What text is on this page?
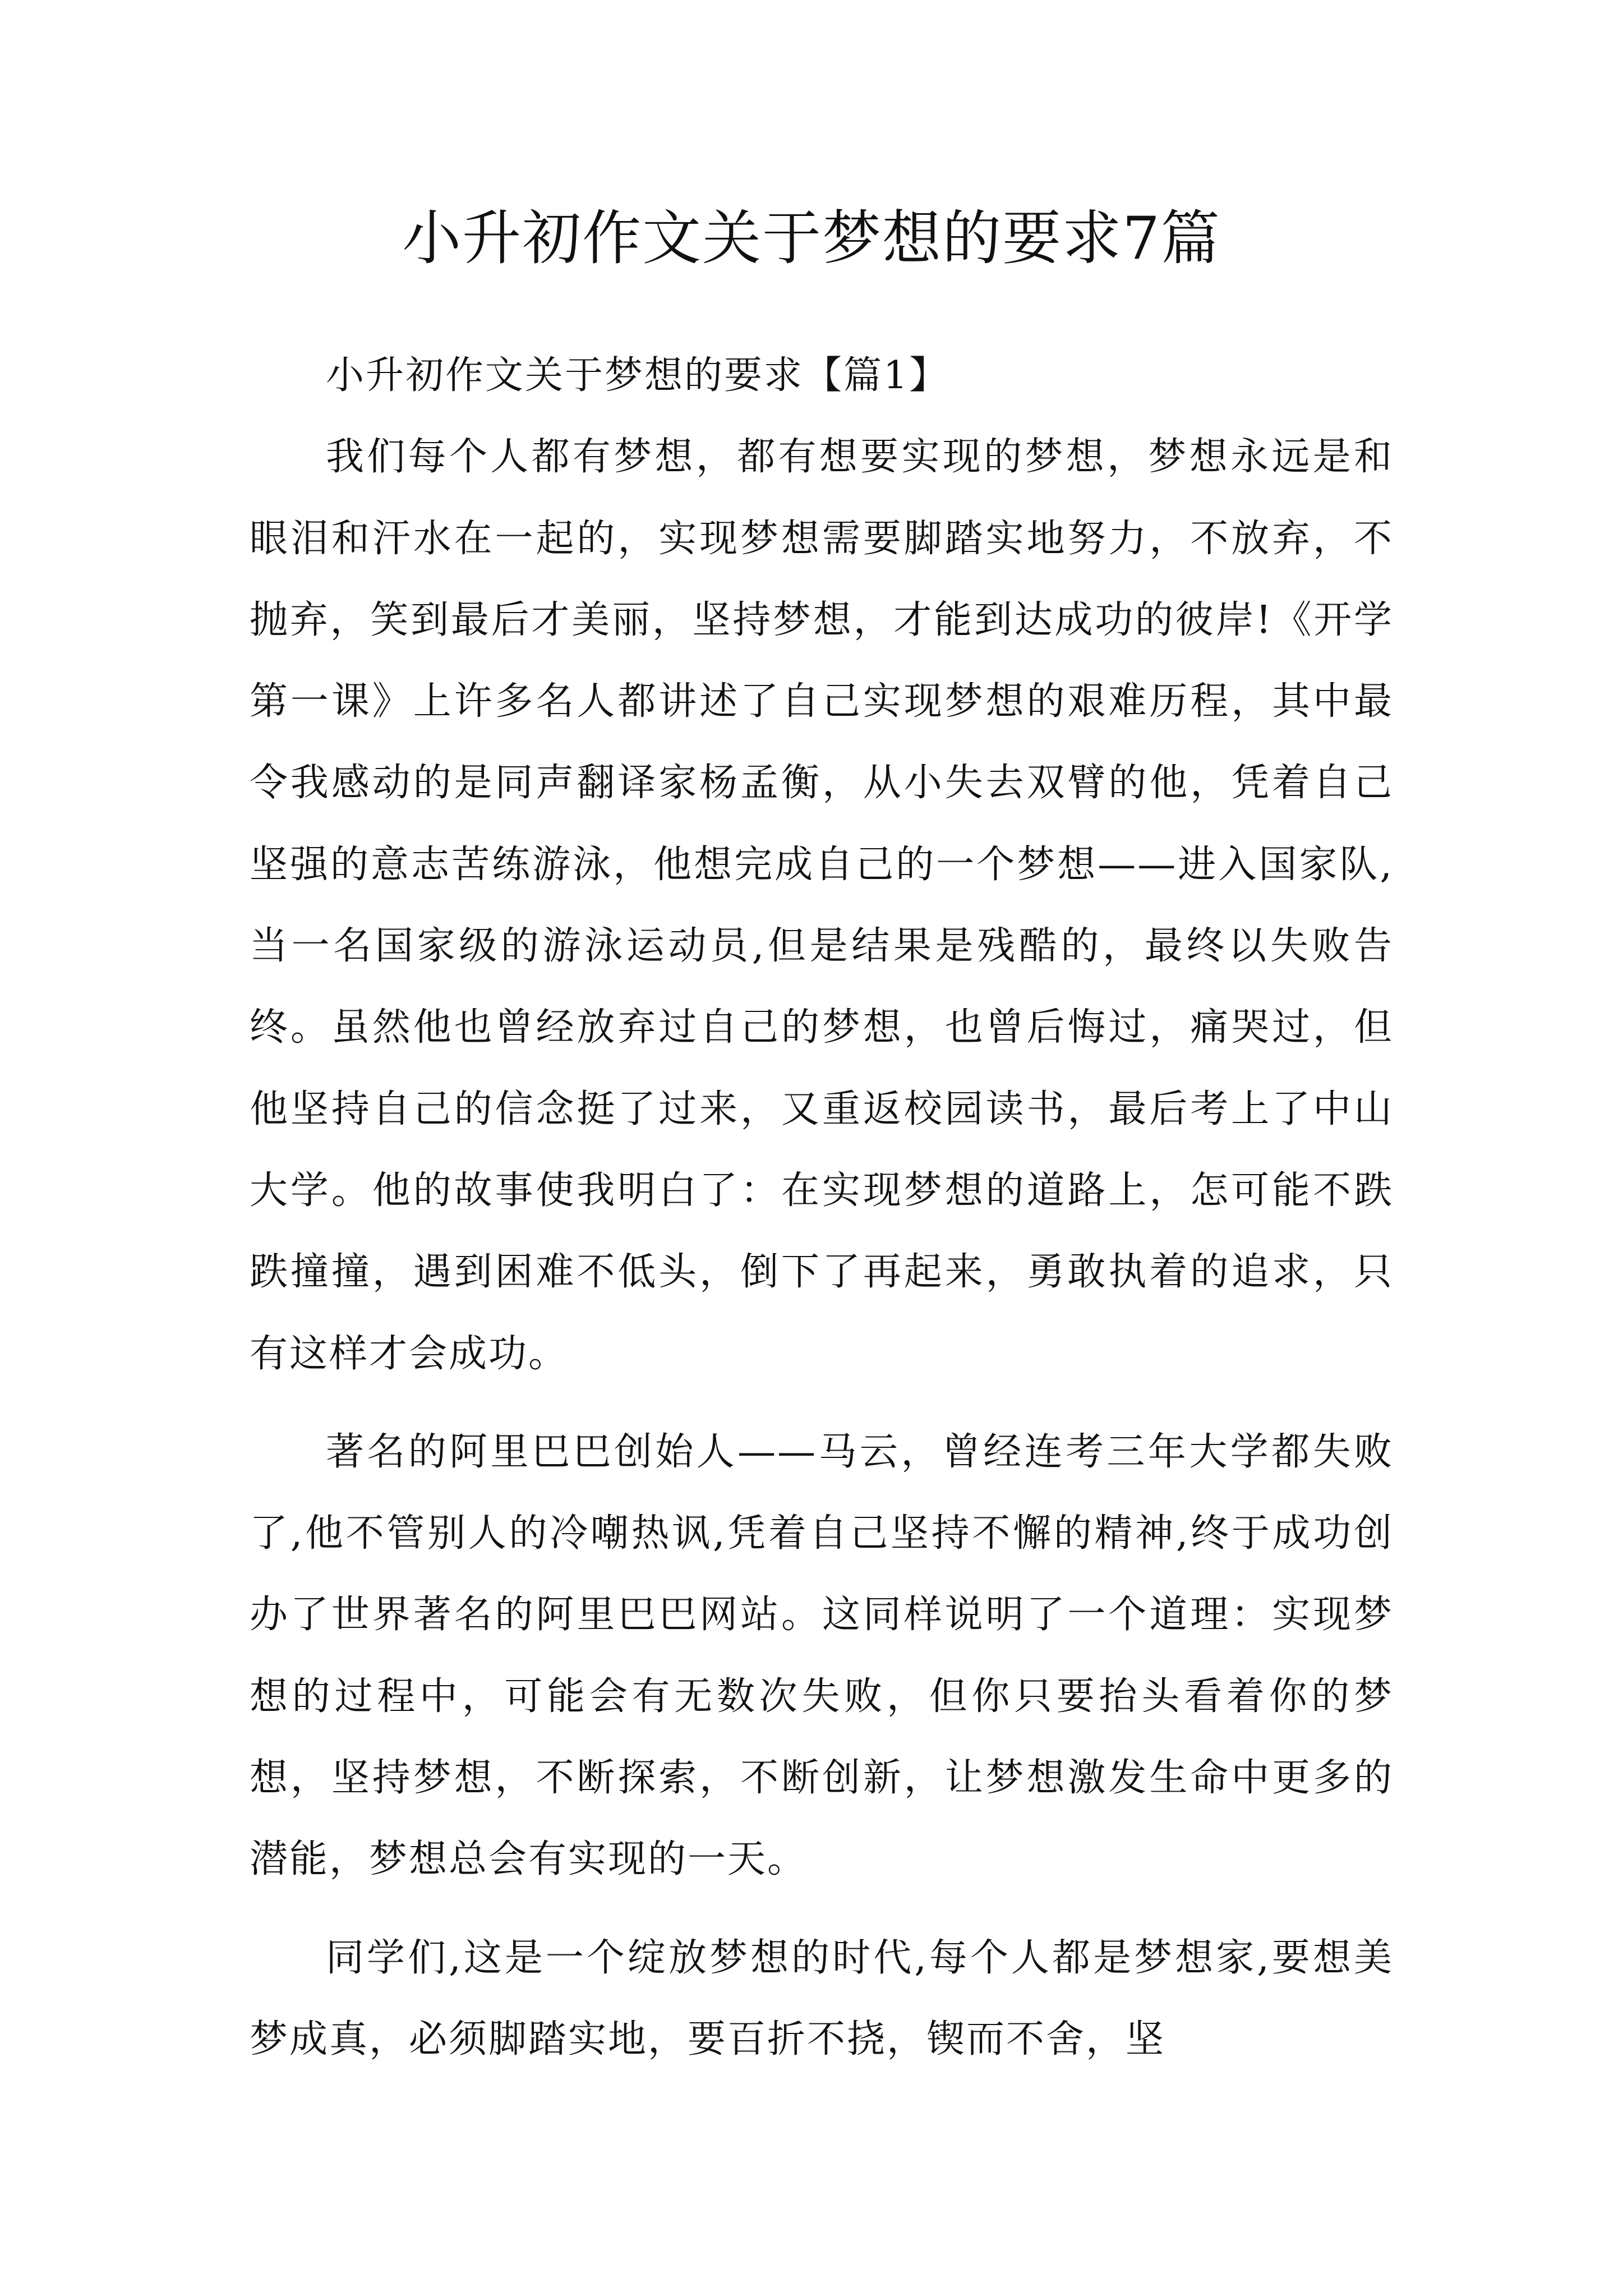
小升初作文关于梦想的要求7篇

小升初作文关于梦想的要求【篇1】

我们每个人都有梦想，都有想要实现的梦想，梦想永远是和眼泪和汗水在一起的，实现梦想需要脚踏实地努力，不放弃，不抛弃，笑到最后才美丽，坚持梦想，才能到达成功的彼岸!《开学第一课》上许多名人都讲述了自己实现梦想的艰难历程，其中最令我感动的是同声翻译家杨孟衡，从小失去双臂的他，凭着自己坚强的意志苦练游泳，他想完成自己的一个梦想——进入国家队,当一名国家级的游泳运动员,但是结果是残酷的，最终以失败告终。虽然他也曾经放弃过自己的梦想，也曾后悔过，痛哭过，但他坚持自己的信念挺了过来，又重返校园读书，最后考上了中山大学。他的故事使我明白了：在实现梦想的道路上，怎可能不跌跌撞撞，遇到困难不低头，倒下了再起来，勇敢执着的追求，只有这样才会成功。

著名的阿里巴巴创始人——马云，曾经连考三年大学都失败了,他不管别人的冷嘲热讽,凭着自己坚持不懈的精神,终于成功创办了世界著名的阿里巴巴网站。这同样说明了一个道理：实现梦想的过程中，可能会有无数次失败，但你只要抬头看着你的梦想，坚持梦想，不断探索，不断创新，让梦想激发生命中更多的潜能，梦想总会有实现的一天。

同学们,这是一个绽放梦想的时代,每个人都是梦想家,要想美梦成真，必须脚踏实地，要百折不挠，锲而不舍，坚
